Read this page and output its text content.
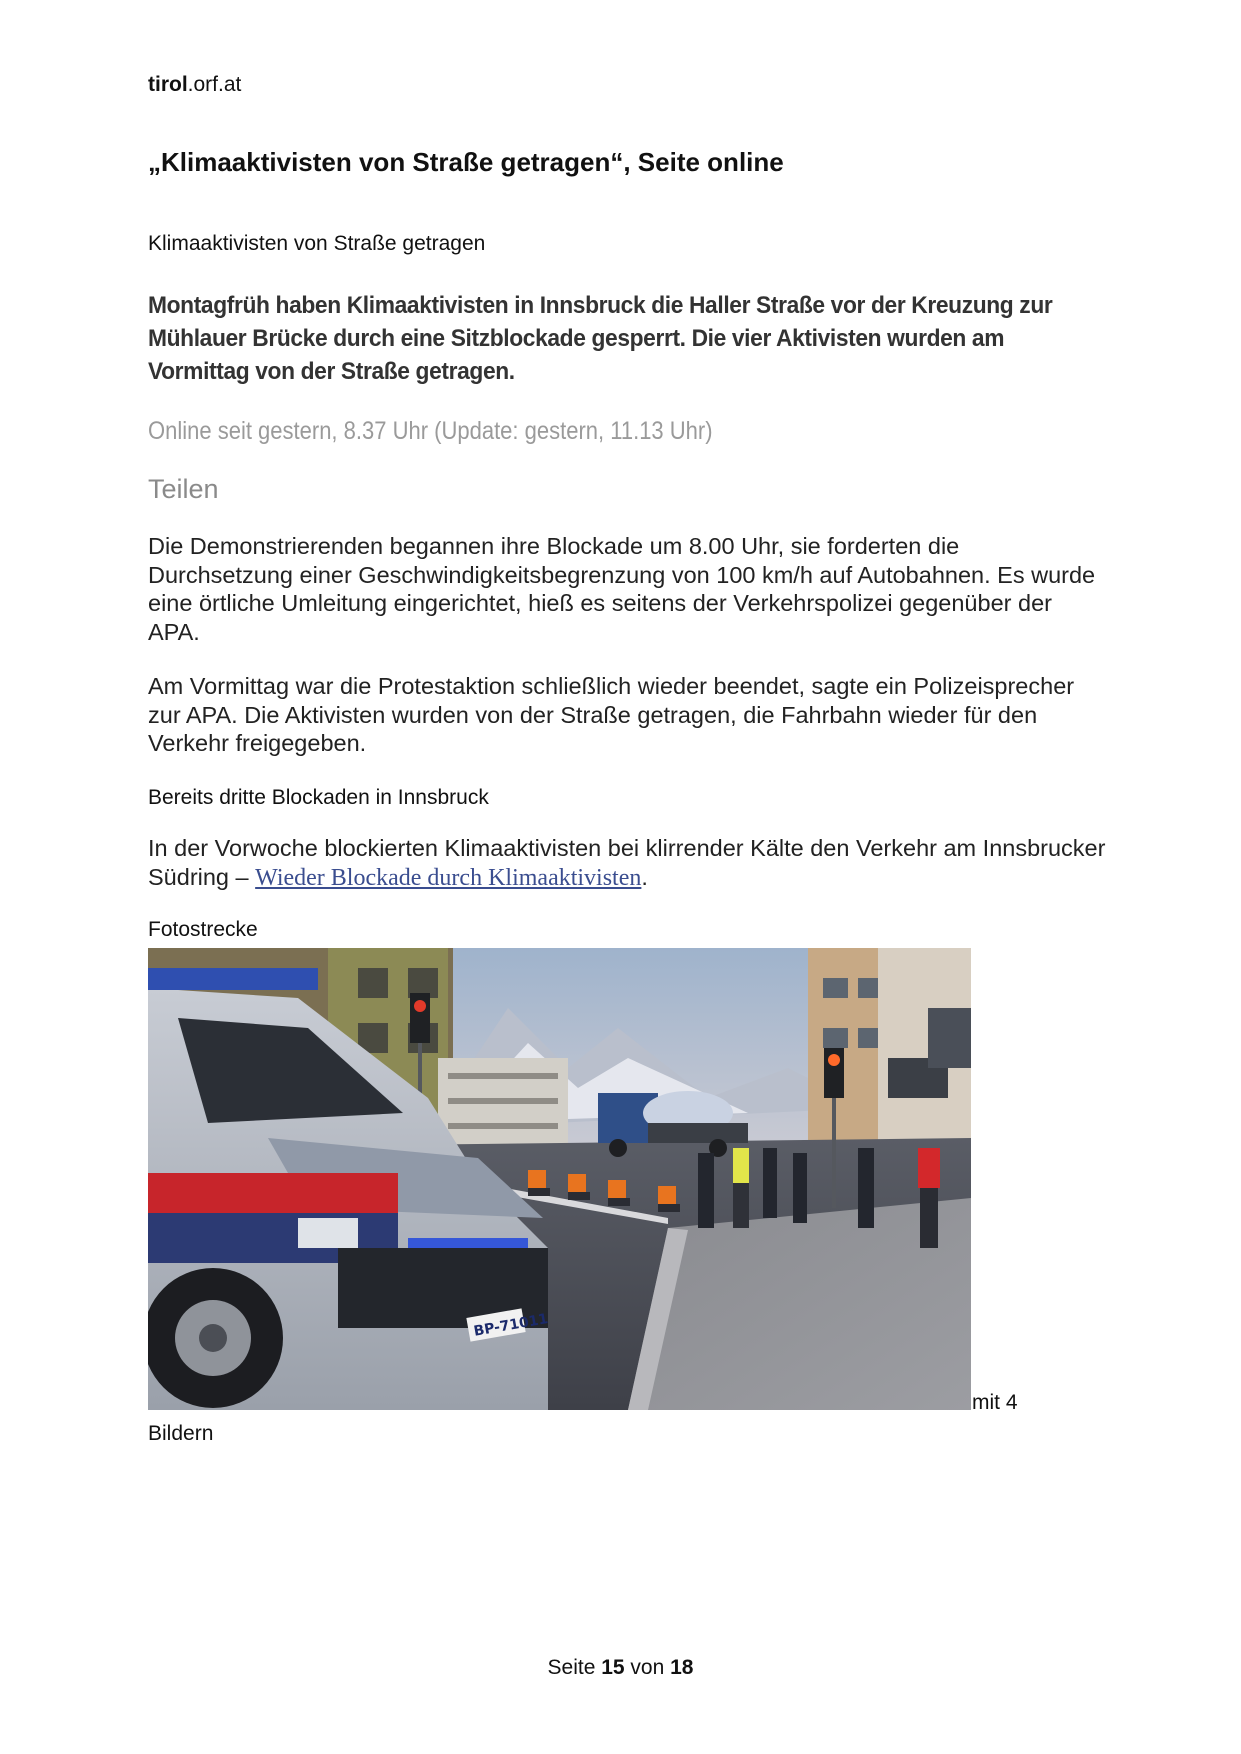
tirol.orf.at
„Klimaaktivisten von Straße getragen“, Seite online
Klimaaktivisten von Straße getragen
Montagfrüh haben Klimaaktivisten in Innsbruck die Haller Straße vor der Kreuzung zur Mühlauer Brücke durch eine Sitzblockade gesperrt. Die vier Aktivisten wurden am Vormittag von der Straße getragen.
Online seit gestern, 8.37 Uhr (Update: gestern, 11.13 Uhr)
Teilen
Die Demonstrierenden begannen ihre Blockade um 8.00 Uhr, sie forderten die Durchsetzung einer Geschwindigkeitsbegrenzung von 100 km/h auf Autobahnen. Es wurde eine örtliche Umleitung eingerichtet, hieß es seitens der Verkehrspolizei gegenüber der APA.
Am Vormittag war die Protestaktion schließlich wieder beendet, sagte ein Polizeisprecher zur APA. Die Aktivisten wurden von der Straße getragen, die Fahrbahn wieder für den Verkehr freigegeben.
Bereits dritte Blockaden in Innsbruck
In der Vorwoche blockierten Klimaaktivisten bei klirrender Kälte den Verkehr am Innsbrucker Südring – Wieder Blockade durch Klimaaktivisten.
Fotostrecke
BP-71011
mit 4
Bildern
Seite 15 von 18
